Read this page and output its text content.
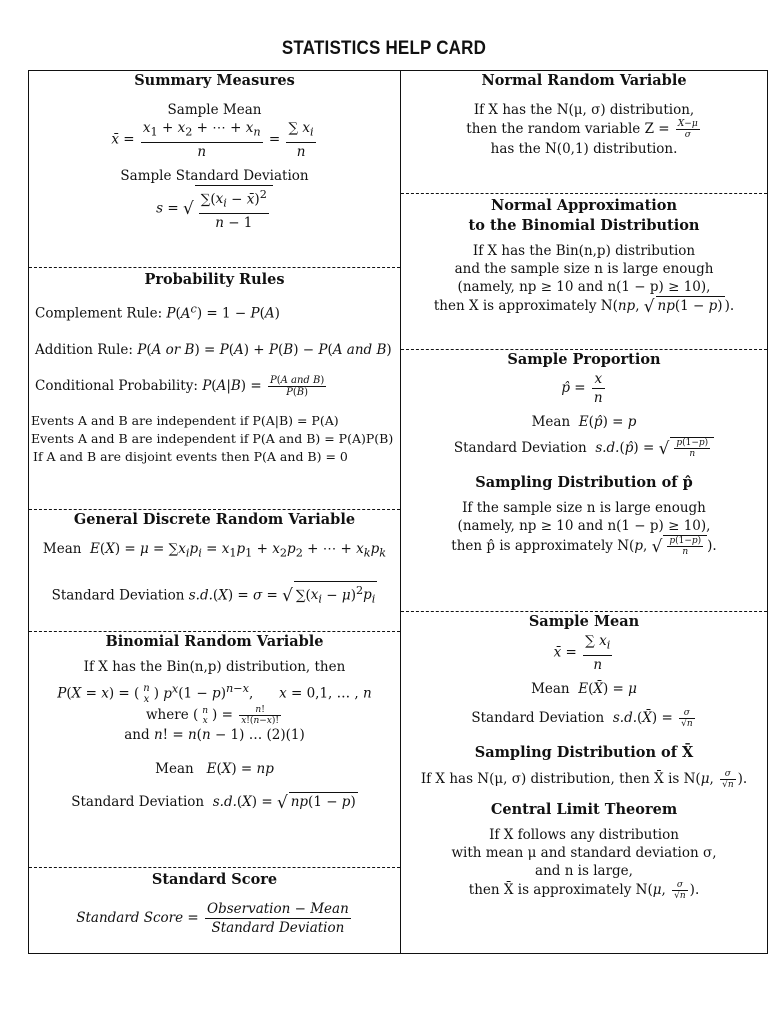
STATISTICS HELP CARD
Summary Measures
Sample Mean
x̄ = $\frac{x_1 + x_2 + \cdots + x_n}{n} = \frac{\sum x_i}{n}$
Sample Standard Deviation
s = √ $\frac{\sum(x_i - x̄)^2}{n - 1}$
Probability Rules
Complement Rule: $P(A^c) = 1 - P(A)$
Addition Rule: P(A or B) = P(A) + P(B) − P(A and B)
Conditional Probability: $P(A|B) = \frac{\text{P(A and B)}}{P(B)}$
Events A and B are independent if P(A|B) = P(A)
Events A and B are independent if P(A and B) = P(A)P(B)
If A and B are disjoint events then P(A and B) = 0
General Discrete Random Variable
Mean $E(X) = \mu = \sum x_ip_i = x_1p_1 + x_2p_2$ + ⋯ + $x_kp_k$
Standard Deviation s.d.(X) = σ = √ $\sum(x_i - \mu)^2p_i$
Binomial Random Variable
If X has the Bin(n,p) distribution, then
P(X = x) = ( n
x ) $p^x(1 - p)^{n-x}$,      x = 0,1, … , n
where ( n
x ) = $\frac{n!}{x!(n-x)!}$
and n! = n(n − 1) … (2)(1)
Mean E(X) = np
Standard Deviation s.d.(X) = √ np(1 − p)
Standard Score
Standard Score = $\frac{\text{Observation − Mean}}{\text{Standard Deviation}}$
Normal Random Variable
If X has the N(μ, σ) distribution,
then the random variable $Z = \frac{X-\mu}{\sigma}$
has the N(0,1) distribution.
Normal Approximation
to the Binomial Distribution
If X has the Bin(n,p) distribution
and the sample size n is large enough
(namely, np ≥ 10 and n(1 − p) ≥ 10),
then X is approximately N(np, √ np(1 − p) ).
Sample Proportion
p̂ = $\frac{x}{n}$
Mean E(p̂) = p
Standard Deviation s.d.(p̂) = √ $\frac{p(1-p)}{n}$
Sampling Distribution of p̂
If the sample size n is large enough
(namely, np ≥ 10 and n(1 − p) ≥ 10),
then p̂ is approximately N(p, √ $\frac{p(1-p)}{n}$ ).
Sample Mean
x̄ = $\frac{\sum x_i}{n}$
Mean E(X̄) = μ
Standard Deviation s.d.(X̄) = $\frac{\sigma}{√n}$
Sampling Distribution of X̄
If X has N(μ, σ) distribution, then X̄ is N(μ, $\frac{\sigma}{√n}$ ).
Central Limit Theorem
If X follows any distribution
with mean μ and standard deviation σ,
and n is large,
then X̄ is approximately N(μ, $\frac{\sigma}{√n}$ ).
